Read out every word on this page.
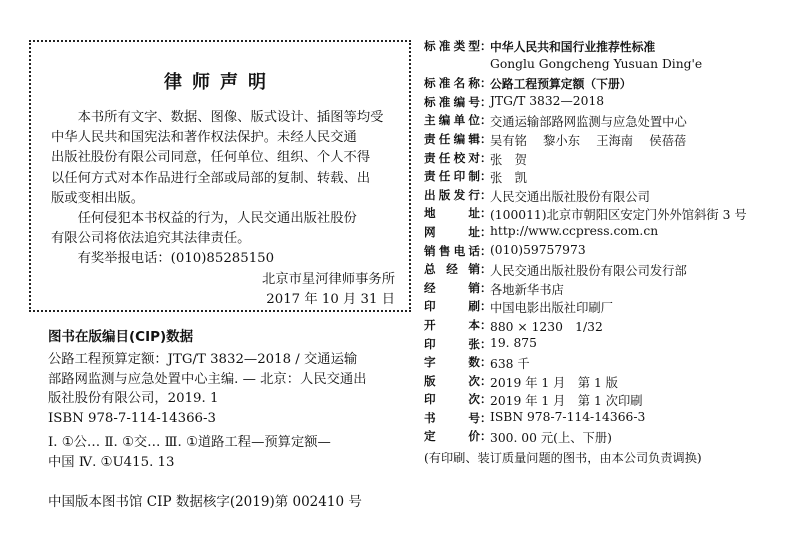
律师声明
本书所有文字、数据、图像、版式设计、插图等均受
中华人民共和国宪法和著作权法保护。未经人民交通
出版社股份有限公司同意，任何单位、组织、个人不得
以任何方式对本作品进行全部或局部的复制、转载、出
版或变相出版。
任何侵犯本书权益的行为，人民交通出版社股份
有限公司将依法追究其法律责任。
有奖举报电话：(010)85285150
北京市星河律师事务所
2017 年 10 月 31 日
图书在版编目(CIP)数据
公路工程预算定额：JTG/T 3832—2018 / 交通运输
部路网监测与应急处置中心主编. — 北京：人民交通出
版社股份有限公司，2019. 1
ISBN 978-7-114-14366-3
Ⅰ. ①公… Ⅱ. ①交… Ⅲ. ①道路工程—预算定额—
中国 Ⅳ. ①U415. 13
中国版本图书馆 CIP 数据核字(2019)第 002410 号
标 准 类 型 ：
中华人民共和国行业推荐性标准
Gonglu Gongcheng Yusuan Ding'e
标 准 名 称 ：
公路工程预算定额（下册）
标 准 编 号 ：
JTG/T 3832—2018
主 编 单 位 ：
交通运输部路网监测与应急处置中心
责 任 编 辑 ：
吴有铭　 黎小东　 王海南　 侯蓓蓓
责 任 校 对 ：
张　贺
责 任 印 制 ：
张　凯
出 版 发 行 ：
人民交通出版社股份有限公司
地	址 ：
(100011)北京市朝阳区安定门外外馆斜街 3 号
网	址 ：
http://www.ccpress.com.cn
销 售 电 话 ：
(010)59757973
总 经 销 ：
人民交通出版社股份有限公司发行部
经	销 ：
各地新华书店
印	刷 ：
中国电影出版社印刷厂
开	本 ：
880 × 1230　1/32
印	张 ：
19. 875
字	数 ：
638 千
版	次 ：
2019 年 1 月　第 1 版
印	次 ：
2019 年 1 月　第 1 次印刷
书	号 ：
ISBN 978-7-114-14366-3
定	价 ：
300. 00 元(上、下册)
(有印刷、装订质量问题的图书，由本公司负责调换)
